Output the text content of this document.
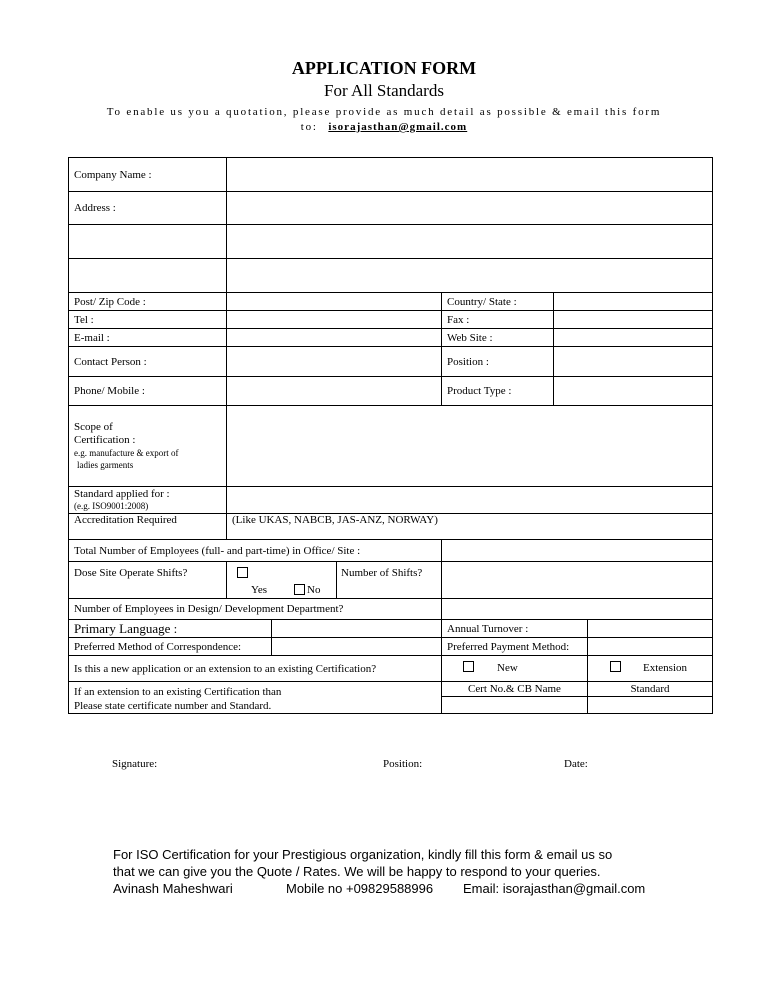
APPLICATION FORM
For All Standards
To enable us you a quotation, please provide as much detail as possible & email this form
to: isorajasthan@gmail.com
Company Name :
Address :
Post/ Zip Code :	Country/ State :
Tel :	Fax :
E-mail :	Web Site :
Contact Person :	Position :
Phone/ Mobile :	Product Type :
Scope of
Certification :
e.g. manufacture & export of
ladies garments
Standard applied for :
(e.g. ISO9001:2008)
Accreditation Required	(Like UKAS, NABCB, JAS-ANZ, NORWAY)
Total Number of Employees (full- and part-time) in Office/ Site :
Dose Site Operate Shifts?
Yes	No
Number of Shifts?
Number of Employees in Design/ Development Department?
Primary Language :	Annual Turnover :
Preferred Method of Correspondence:	Preferred Payment Method:
Is this a new application or an extension to an existing Certification?	New	Extension
If an extension to an existing Certification than
Please state certificate number and Standard.
Cert No.& CB Name	Standard
Signature:	Position:	Date:
For ISO Certification for your Prestigious organization, kindly fill this form & email us so
that we can give you the Quote / Rates. We will be happy to respond to your queries.
Avinash Maheshwari	Mobile no +09829588996 Email: isorajasthan@gmail.com
